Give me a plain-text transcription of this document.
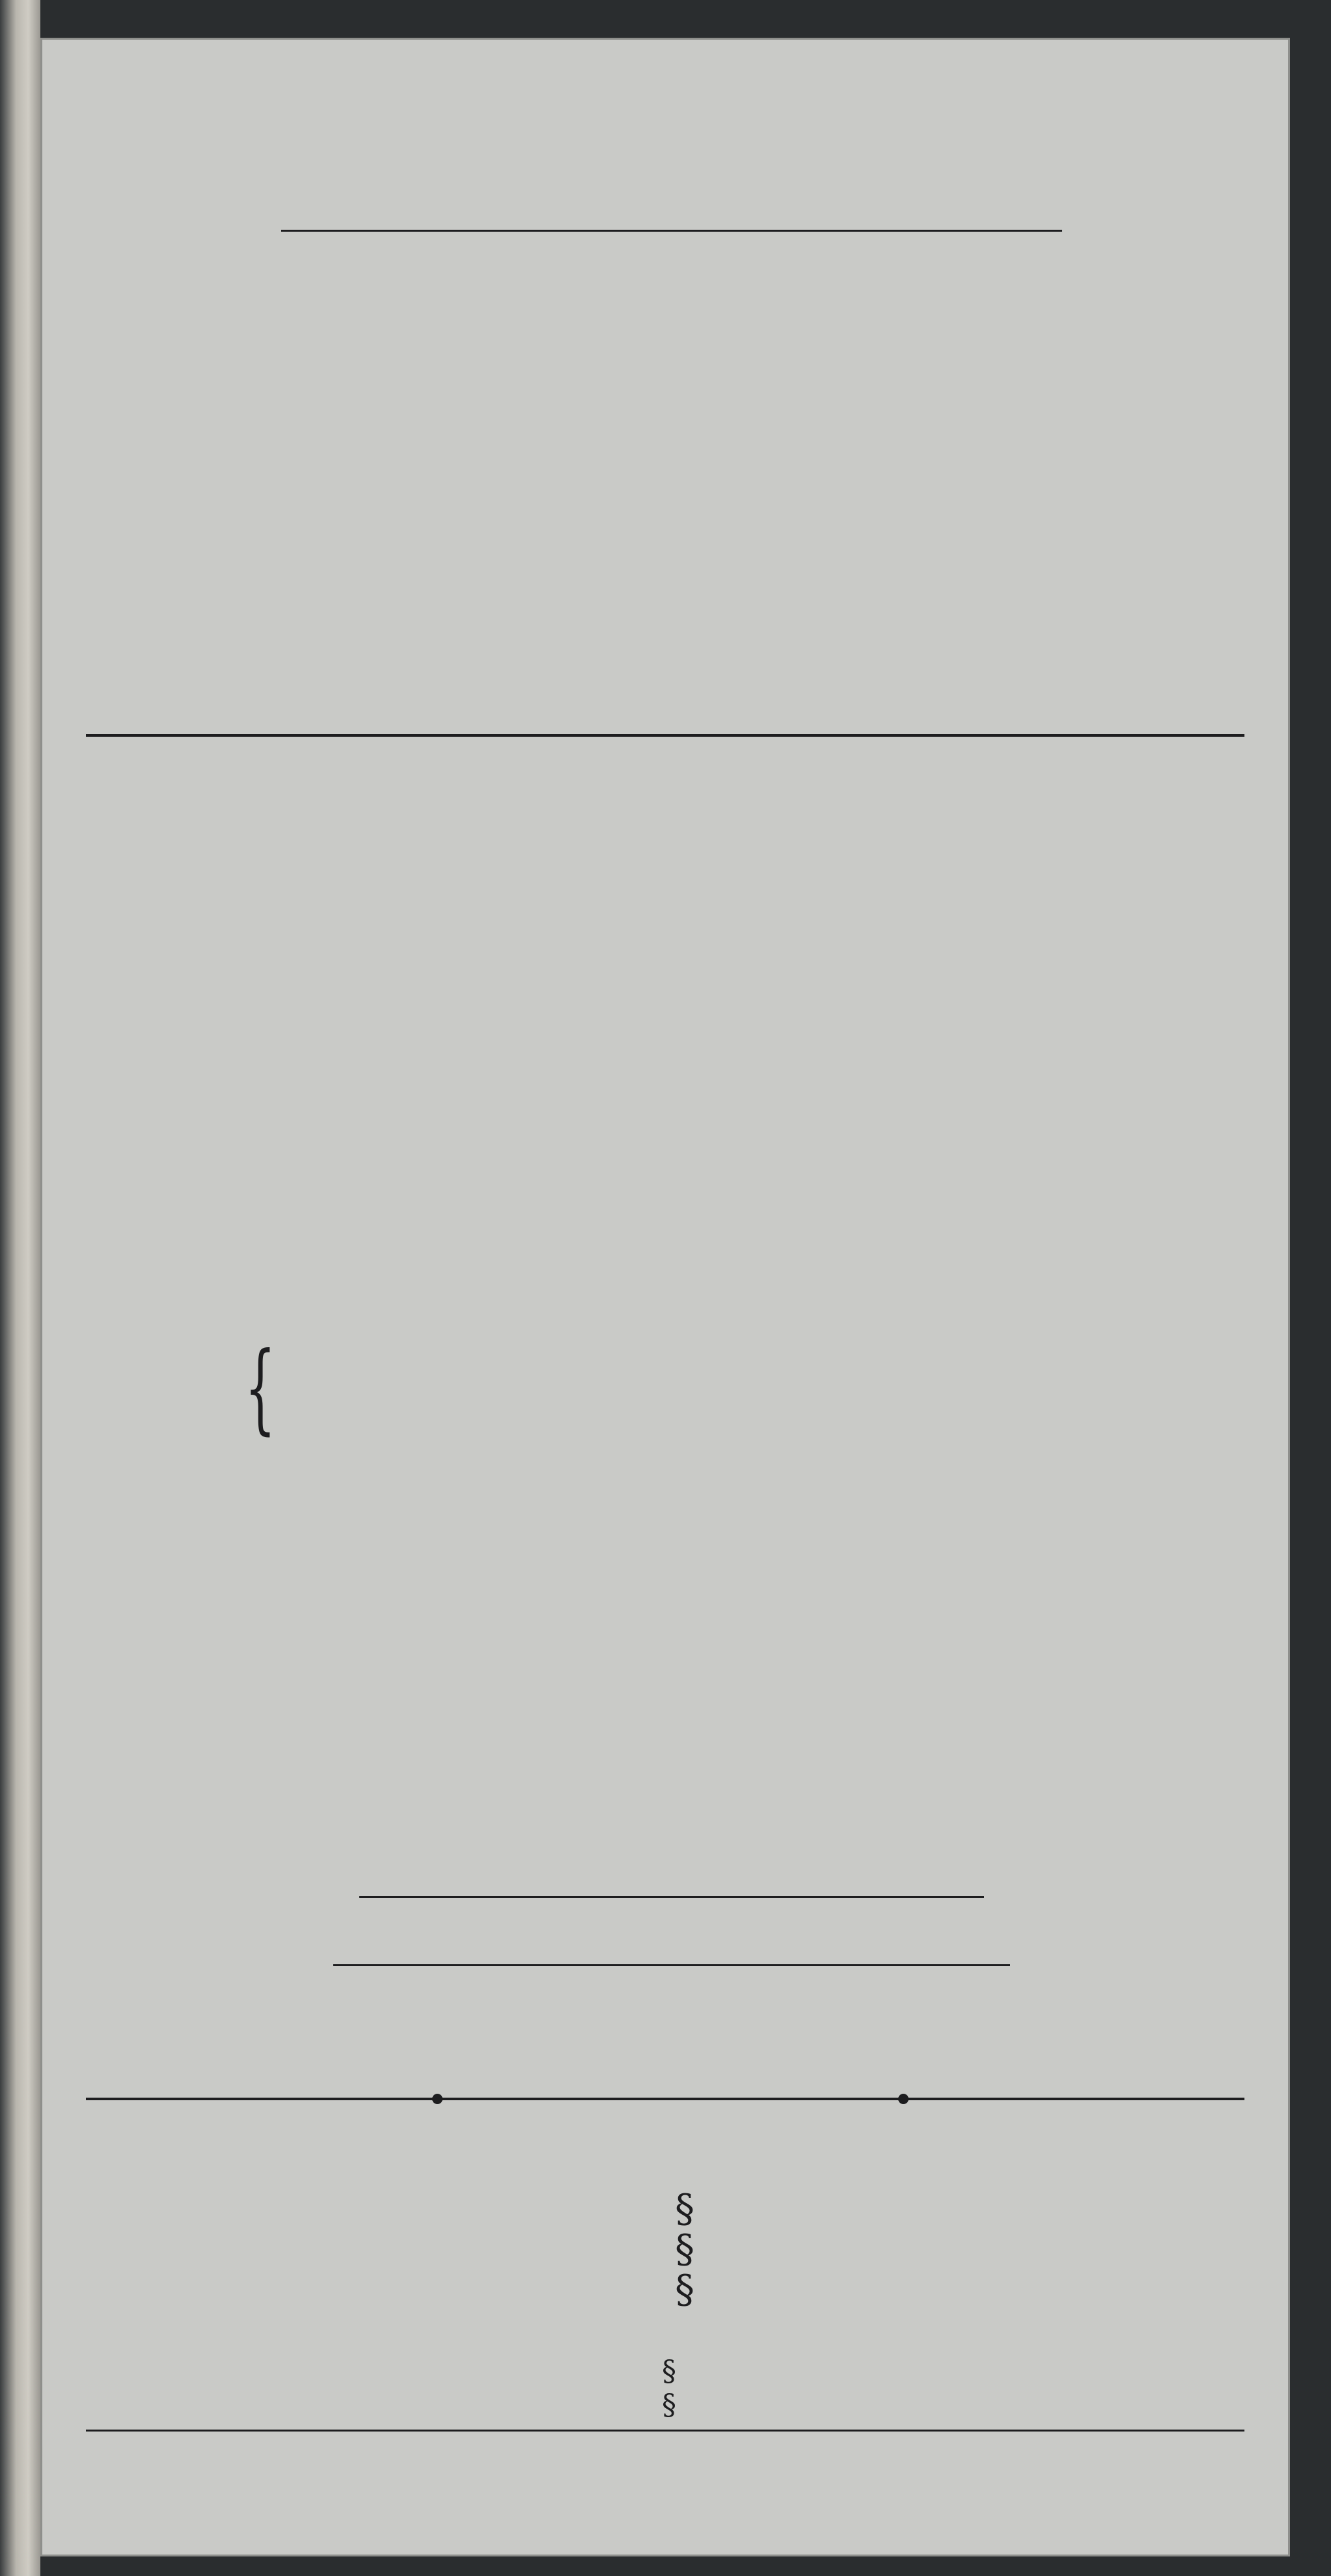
{
§
§
§
§
§
